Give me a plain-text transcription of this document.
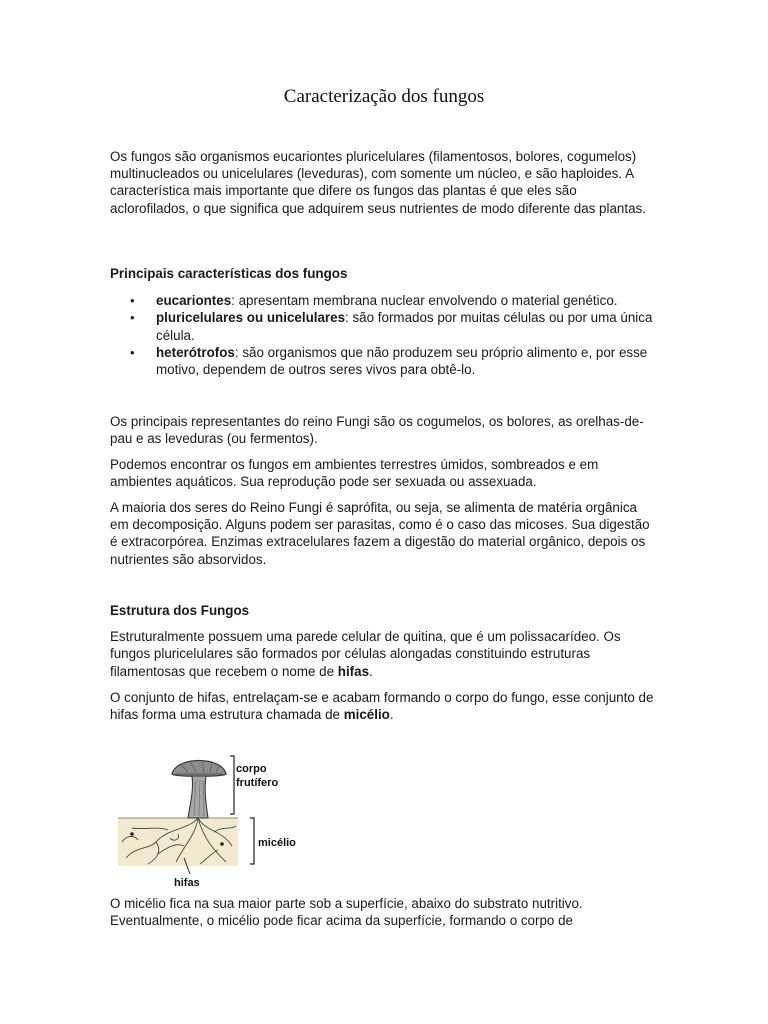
Caracterização dos fungos

Os fungos são organismos eucariontes pluricelulares (filamentosos, bolores, cogumelos) multinucleados ou unicelulares (leveduras), com somente um núcleo, e são haploides. A característica mais importante que difere os fungos das plantas é que eles são aclorofilados, o que significa que adquirem seus nutrientes de modo diferente das plantas.

Principais características dos fungos

• eucariontes: apresentam membrana nuclear envolvendo o material genético.
• pluricelulares ou unicelulares: são formados por muitas células ou por uma única célula.
• heterótrofos: são organismos que não produzem seu próprio alimento e, por esse motivo, dependem de outros seres vivos para obtê-lo.

Os principais representantes do reino Fungi são os cogumelos, os bolores, as orelhas-de-pau e as leveduras (ou fermentos).

Podemos encontrar os fungos em ambientes terrestres úmidos, sombreados e em ambientes aquáticos. Sua reprodução pode ser sexuada ou assexuada.

A maioria dos seres do Reino Fungi é saprófita, ou seja, se alimenta de matéria orgânica em decomposição. Alguns podem ser parasitas, como é o caso das micoses. Sua digestão é extracorpórea. Enzimas extracelulares fazem a digestão do material orgânico, depois os nutrientes são absorvidos.

Estrutura dos Fungos

Estruturalmente possuem uma parede celular de quitina, que é um polissacarídeo. Os fungos pluricelulares são formados por células alongadas constituindo estruturas filamentosas que recebem o nome de hifas.

O conjunto de hifas, entrelaçam-se e acabam formando o corpo do fungo, esse conjunto de hifas forma uma estrutura chamada de micélio.

corpo
frutífero
micélio
hifas

O micélio fica na sua maior parte sob a superfície, abaixo do substrato nutritivo. Eventualmente, o micélio pode ficar acima da superfície, formando o corpo de
